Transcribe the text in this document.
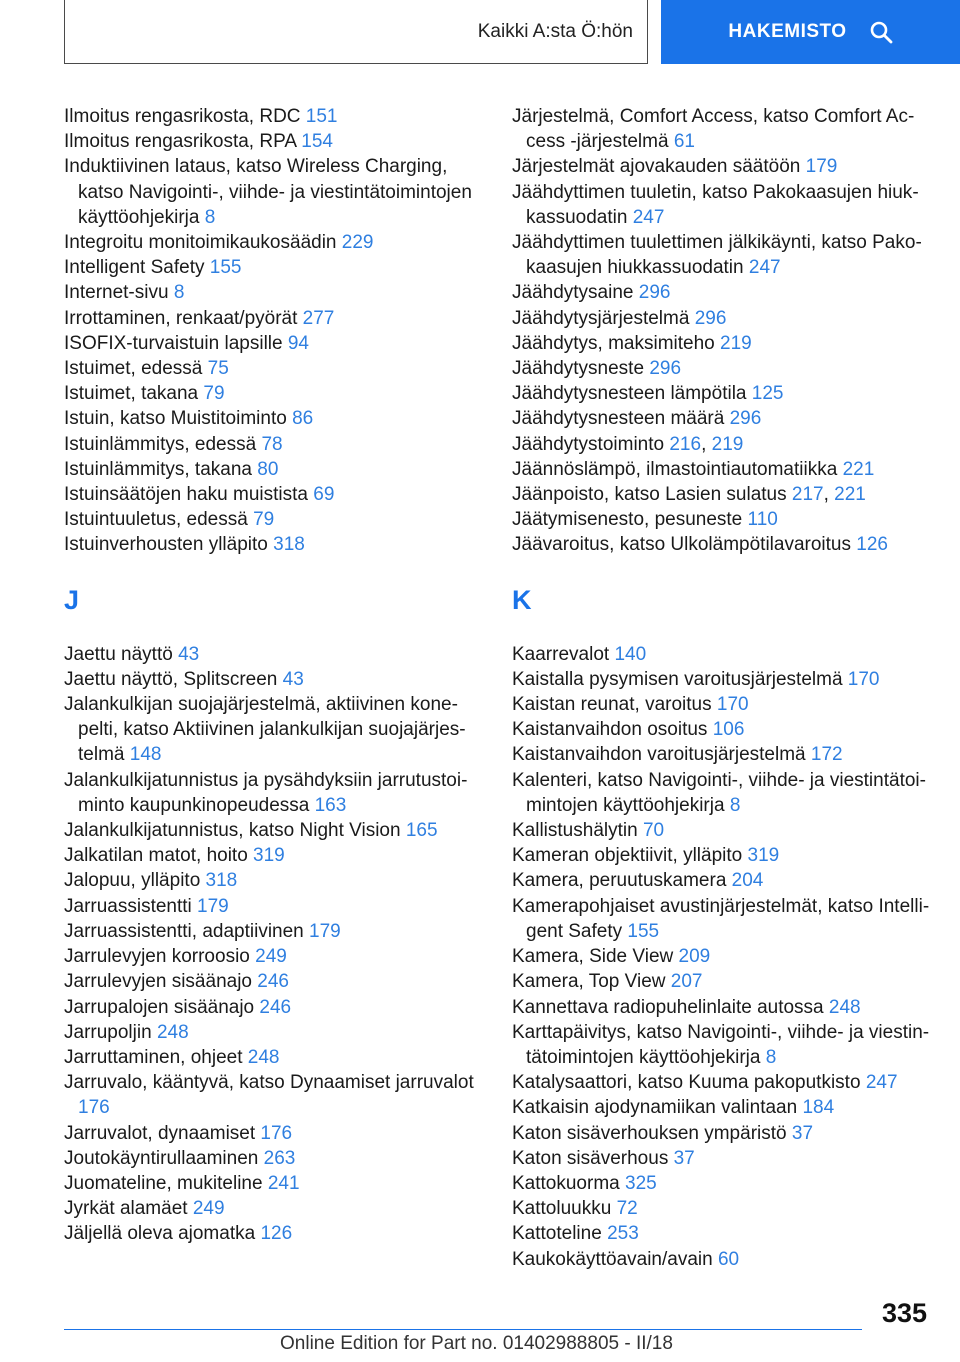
Kaikki A:sta Ö:hön	HAKEMISTO
Ilmoitus rengasrikosta, RDC 151
Ilmoitus rengasrikosta, RPA 154
Induktiivinen lataus, katso Wireless Charging, katso Navigointi-, viihde- ja viestintätoimintojen käyttöohjekirja 8
Integroitu monitoimikaukosäädin 229
Intelligent Safety 155
Internet-sivu 8
Irrottaminen, renkaat/pyörät 277
ISOFIX-turvaistuin lapsille 94
Istuimet, edessä 75
Istuimet, takana 79
Istuin, katso Muistitoiminto 86
Istuinlämmitys, edessä 78
Istuinlämmitys, takana 80
Istuinsäätöjen haku muistista 69
Istuintuuletus, edessä 79
Istuinverhousten ylläpito 318
J
Jaettu näyttö 43
Jaettu näyttö, Splitscreen 43
Jalankulkijan suojajärjestelmä, aktiivinen konepelti, katso Aktiivinen jalankulkijan suojajärjestelmä 148
Jalankulkijatunnistus ja pysähdyksiin jarrutustoiminto kaupunkinopeudessa 163
Jalankulkijatunnistus, katso Night Vision 165
Jalkatilan matot, hoito 319
Jalopuu, ylläpito 318
Jarruassistentti 179
Jarruassistentti, adaptiivinen 179
Jarrulevyjen korroosio 249
Jarrulevyjen sisäänajo 246
Jarrupalojen sisäänajo 246
Jarrupoljin 248
Jarruttaminen, ohjeet 248
Jarruvalo, kääntyvä, katso Dynaamiset jarruvalot 176
Jarruvalot, dynaamiset 176
Joutokäyntirullaaminen 263
Juomateline, mukiteline 241
Jyrkät alamäet 249
Jäljellä oleva ajomatka 126
Järjestelmä, Comfort Access, katso Comfort Access -järjestelmä 61
Järjestelmät ajovakauden säätöön 179
Jäähdyttimen tuuletin, katso Pakokaasujen hiukkassuodatin 247
Jäähdyttimen tuulettimen jälkikäynti, katso Pakokaasujen hiukkassuodatin 247
Jäähdytysaine 296
Jäähdytysjärjestelmä 296
Jäähdytys, maksimiteho 219
Jäähdytysneste 296
Jäähdytysnesteen lämpötila 125
Jäähdytysnesteen määrä 296
Jäähdytystoiminto 216, 219
Jäännöslämpö, ilmastointiautomatiikka 221
Jäänpoisto, katso Lasien sulatus 217, 221
Jäätymisenesto, pesuneste 110
Jäävaroitus, katso Ulkolämpötilavaroitus 126
K
Kaarrevalot 140
Kaistalla pysymisen varoitusjärjestelmä 170
Kaistan reunat, varoitus 170
Kaistanvaihdon osoitus 106
Kaistanvaihdon varoitusjärjestelmä 172
Kalenteri, katso Navigointi-, viihde- ja viestintätoimintojen käyttöohjekirja 8
Kallistushälytin 70
Kameran objektiivit, ylläpito 319
Kamera, peruutuskamera 204
Kamerapohjaiset avustinjärjestelmät, katso Intelligent Safety 155
Kamera, Side View 209
Kamera, Top View 207
Kannettava radiopuhelinlaite autossa 248
Karttapäivitys, katso Navigointi-, viihde- ja viestintätoimintojen käyttöohjekirja 8
Katalysaattori, katso Kuuma pakoputkisto 247
Katkaisin ajodynamiikan valintaan 184
Katon sisäverhouksen ympäristö 37
Katon sisäverhous 37
Kattokuorma 325
Kattoluukku 72
Kattoteline 253
Kaukokäyttöavain/avain 60
335
Online Edition for Part no. 01402988805 - II/18
